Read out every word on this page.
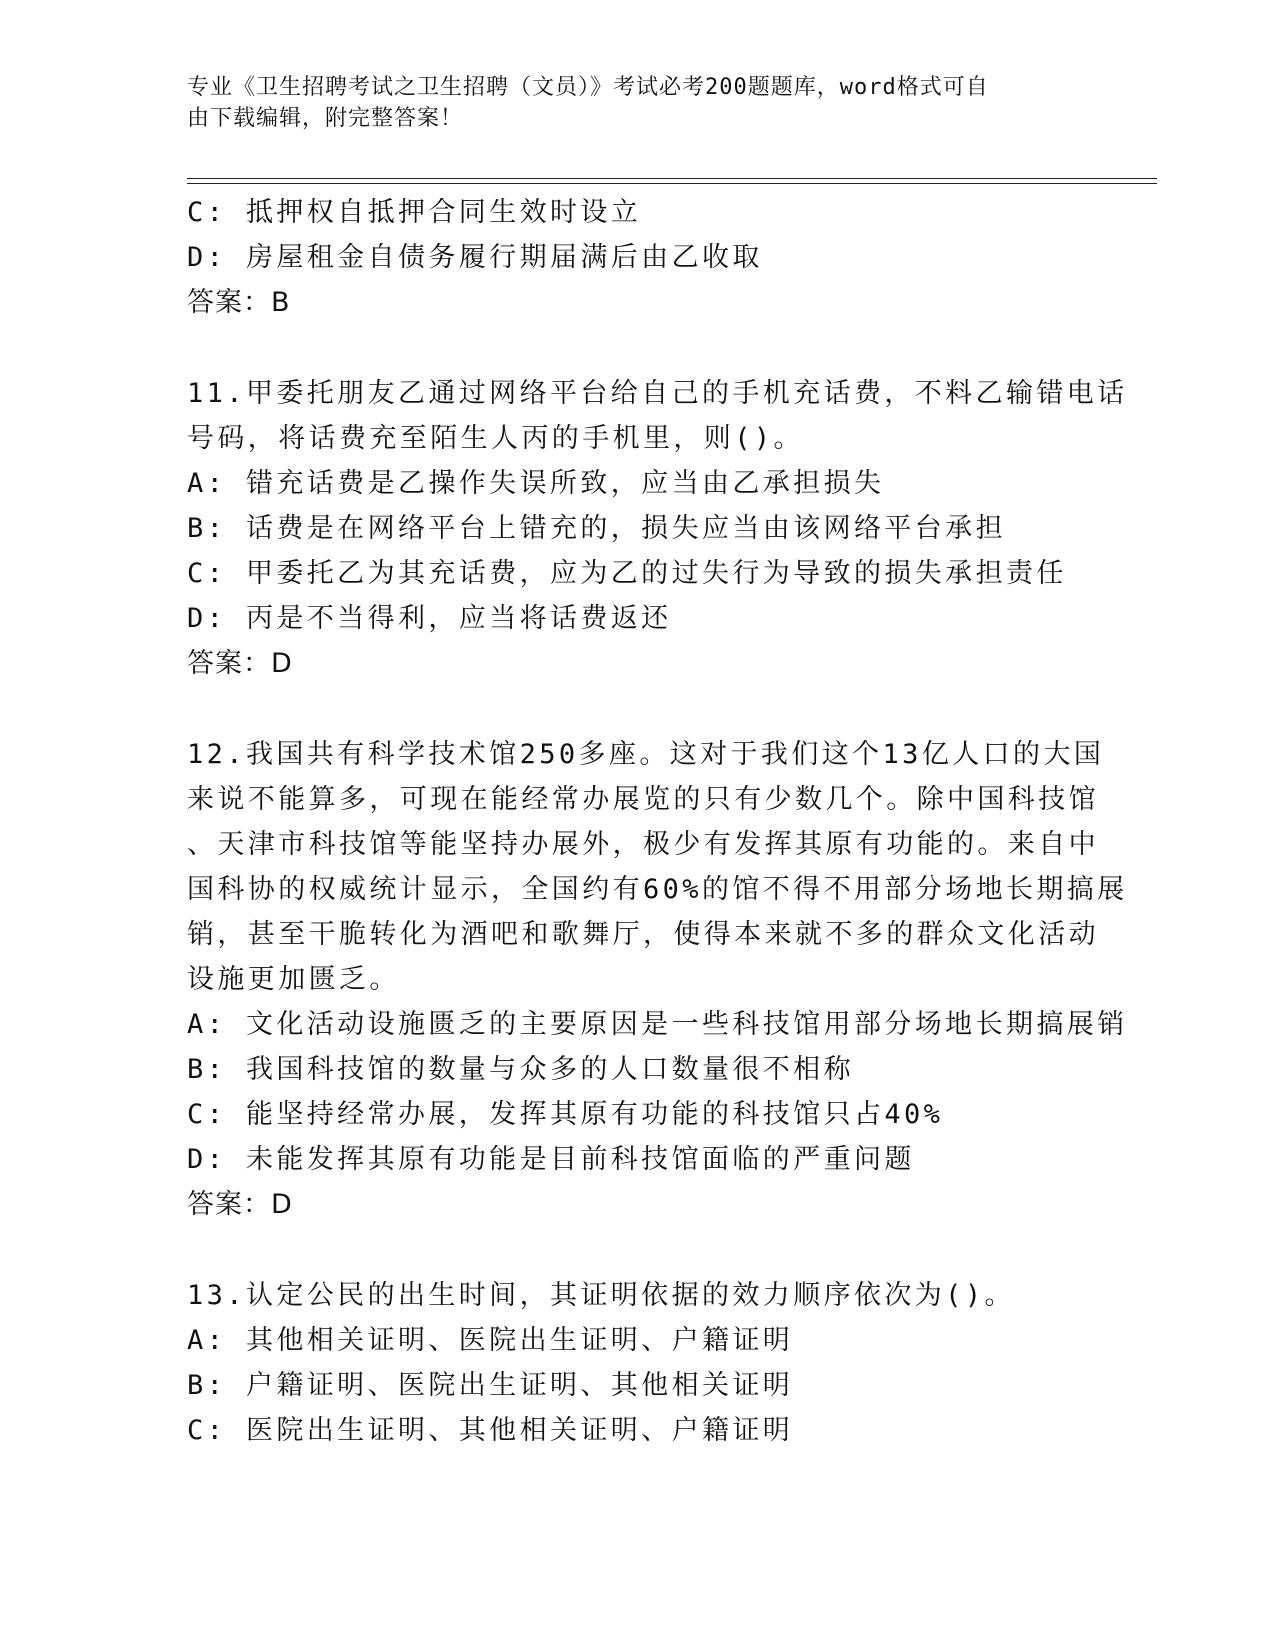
专业《卫生招聘考试之卫生招聘（文员）》考试必考200题题库，word格式可自
由下载编辑，附完整答案！
C: 抵押权自抵押合同生效时设立
D: 房屋租金自债务履行期届满后由乙收取
答案：B
11.甲委托朋友乙通过网络平台给自己的手机充话费，不料乙输错电话
号码，将话费充至陌生人丙的手机里，则()。
A: 错充话费是乙操作失误所致，应当由乙承担损失
B: 话费是在网络平台上错充的，损失应当由该网络平台承担
C: 甲委托乙为其充话费，应为乙的过失行为导致的损失承担责任
D: 丙是不当得利，应当将话费返还
答案：D
12.我国共有科学技术馆250多座。这对于我们这个13亿人口的大国
来说不能算多，可现在能经常办展览的只有少数几个。除中国科技馆
、天津市科技馆等能坚持办展外，极少有发挥其原有功能的。来自中
国科协的权威统计显示，全国约有60%的馆不得不用部分场地长期搞展
销，甚至干脆转化为酒吧和歌舞厅，使得本来就不多的群众文化活动
设施更加匮乏。
A: 文化活动设施匮乏的主要原因是一些科技馆用部分场地长期搞展销
B: 我国科技馆的数量与众多的人口数量很不相称
C: 能坚持经常办展，发挥其原有功能的科技馆只占40%
D: 未能发挥其原有功能是目前科技馆面临的严重问题
答案：D
13.认定公民的出生时间，其证明依据的效力顺序依次为()。
A: 其他相关证明、医院出生证明、户籍证明
B: 户籍证明、医院出生证明、其他相关证明
C: 医院出生证明、其他相关证明、户籍证明
